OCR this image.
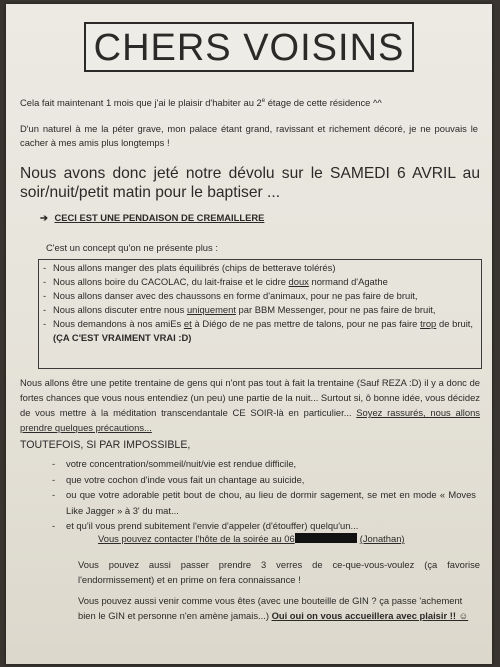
CHERS VOISINS
Cela fait maintenant 1 mois que j'ai le plaisir d'habiter au 2e étage de cette résidence ^^
D'un naturel à me la péter grave, mon palace étant grand, ravissant et richement décoré, je ne pouvais le cacher à mes amis plus longtemps !
Nous avons donc jeté notre dévolu sur le SAMEDI 6 AVRIL au soir/nuit/petit matin pour le baptiser ...
➔ CECI EST UNE PENDAISON DE CREMAILLERE
C'est un concept qu'on ne présente plus :
- Nous allons manger des plats équilibrés (chips de betterave tolérés)
- Nous allons boire du CACOLAC, du lait-fraise et le cidre doux normand d'Agathe
- Nous allons danser avec des chaussons en forme d'animaux, pour ne pas faire de bruit,
- Nous allons discuter entre nous uniquement par BBM Messenger, pour ne pas faire de bruit,
- Nous demandons à nos amiEs et à Diégo de ne pas mettre de talons, pour ne pas faire trop de bruit, (ÇA C'EST VRAIMENT VRAI :D)
Nous allons être une petite trentaine de gens qui n'ont pas tout à fait la trentaine (Sauf REZA :D) il y a donc de fortes chances que vous nous entendiez (un peu) une partie de la nuit... Surtout si, ô bonne idée, vous décidez de vous mettre à la méditation transcendantale CE SOIR-là en particulier... Soyez rassurés, nous allons prendre quelques précautions...
TOUTEFOIS, SI PAR IMPOSSIBLE,
- votre concentration/sommeil/nuit/vie est rendue difficile,
- que votre cochon d'inde vous fait un chantage au suicide,
- ou que votre adorable petit bout de chou, au lieu de dormir sagement, se met en mode « Moves Like Jagger » à 3' du mat...
- et qu'il vous prend subitement l'envie d'appeler (d'étouffer) quelqu'un...
Vous pouvez contacter l'hôte de la soirée au 06	(Jonathan)
Vous pouvez aussi passer prendre 3 verres de ce-que-vous-voulez (ça favorise l'endormissement) et en prime on fera connaissance !
Vous pouvez aussi venir comme vous êtes (avec une bouteille de GIN ? ça passe 'achement bien le GIN et personne n'en amène jamais...) Oui oui on vous accueillera avec plaisir !! ☺
